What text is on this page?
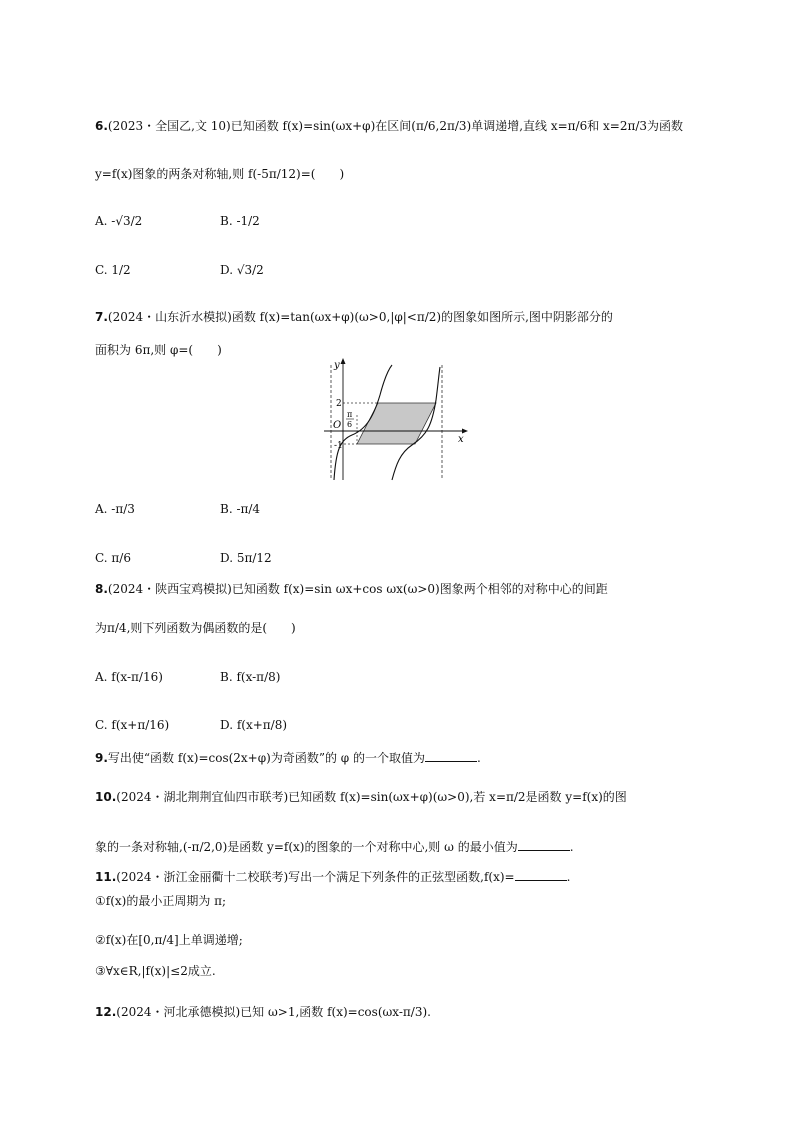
6.(2023・全国乙,文 10)已知函数 f(x)=sin(ωx+φ)在区间(π/6,2π/3)单调递增,直线 x=π/6和 x=2π/3为函数
y=f(x)图象的两条对称轴,则 f(-5π/12)=(　　)
A. -√3/2	B. -1/2
C. 1/2	D. √3/2
7.(2024・山东沂水模拟)函数 f(x)=tan(ωx+φ)(ω>0,|φ|<π/2)的图象如图所示,图中阴影部分的
面积为 6π,则 φ=(　　)
y
x
O
2
-1
π
6
A. -π/3	B. -π/4
C. π/6	D. 5π/12
8.(2024・陕西宝鸡模拟)已知函数 f(x)=sin ωx+cos ωx(ω>0)图象两个相邻的对称中心的间距
为π/4,则下列函数为偶函数的是(　　)
A. f(x-π/16)	B. f(x-π/8)
C. f(x+π/16)	D. f(x+π/8)
9.写出使“函数 f(x)=cos(2x+φ)为奇函数”的 φ 的一个取值为	.
10.(2024・湖北荆荆宜仙四市联考)已知函数 f(x)=sin(ωx+φ)(ω>0),若 x=π/2是函数 y=f(x)的图
象的一条对称轴,(-π/2,0)是函数 y=f(x)的图象的一个对称中心,则 ω 的最小值为	.
11.(2024・浙江金丽衢十二校联考)写出一个满足下列条件的正弦型函数,f(x)=	.
①f(x)的最小正周期为 π;
②f(x)在[0,π/4]上单调递增;
③∀x∈R,|f(x)|≤2成立.
12.(2024・河北承德模拟)已知 ω>1,函数 f(x)=cos(ωx-π/3).
